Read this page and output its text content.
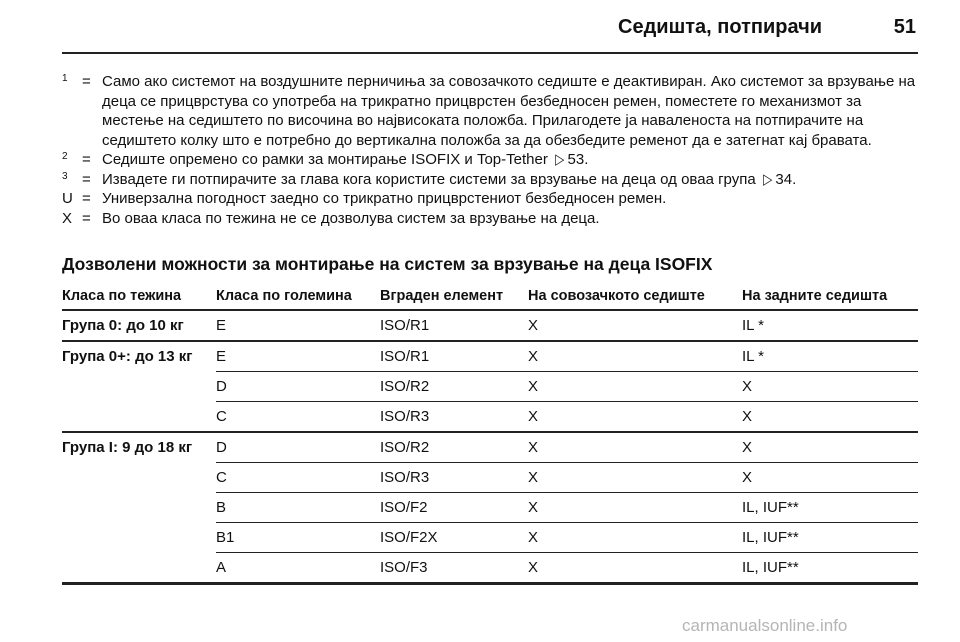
Седишта, потпирачи	51
1 = Само ако системот на воздушните перничиња за совозачкото седиште е деактивиран. Ако системот за врзување на деца се прицврстува со употреба на трикратно прицврстен безбедносен ремен, поместете го механизмот за местење на седиштето по височина во највисоката положба. Прилагодете ја наваленоста на потпирачите на седиштето колку што е потребно до вертикална положба за да обезбедите ременот да е затегнат кај бравата.
2 = Седиште опремено со рамки за монтирање ISOFIX и Top-Tether ▷ 53.
3 = Извадете ги потпирачите за глава кога користите системи за врзување на деца од оваа група ▷ 34.
U = Универзална погодност заедно со трикратно прицврстениот безбедносен ремен.
X = Во оваа класа по тежина не се дозволува систем за врзување на деца.
Дозволени можности за монтирање на систем за врзување на деца ISOFIX
Класа по тежина	Класа по големина	Вграден елемент	На совозачкото седиште	На задните седишта
Група 0: до 10 кг	E	ISO/R1	X	IL *
Група 0+: до 13 кг	E	ISO/R1	X	IL *
	D	ISO/R2	X	X
	C	ISO/R3	X	X
Група I: 9 до 18 кг	D	ISO/R2	X	X
	C	ISO/R3	X	X
	B	ISO/F2	X	IL, IUF**
	B1	ISO/F2X	X	IL, IUF**
	A	ISO/F3	X	IL, IUF**
carmanualsonline.info
